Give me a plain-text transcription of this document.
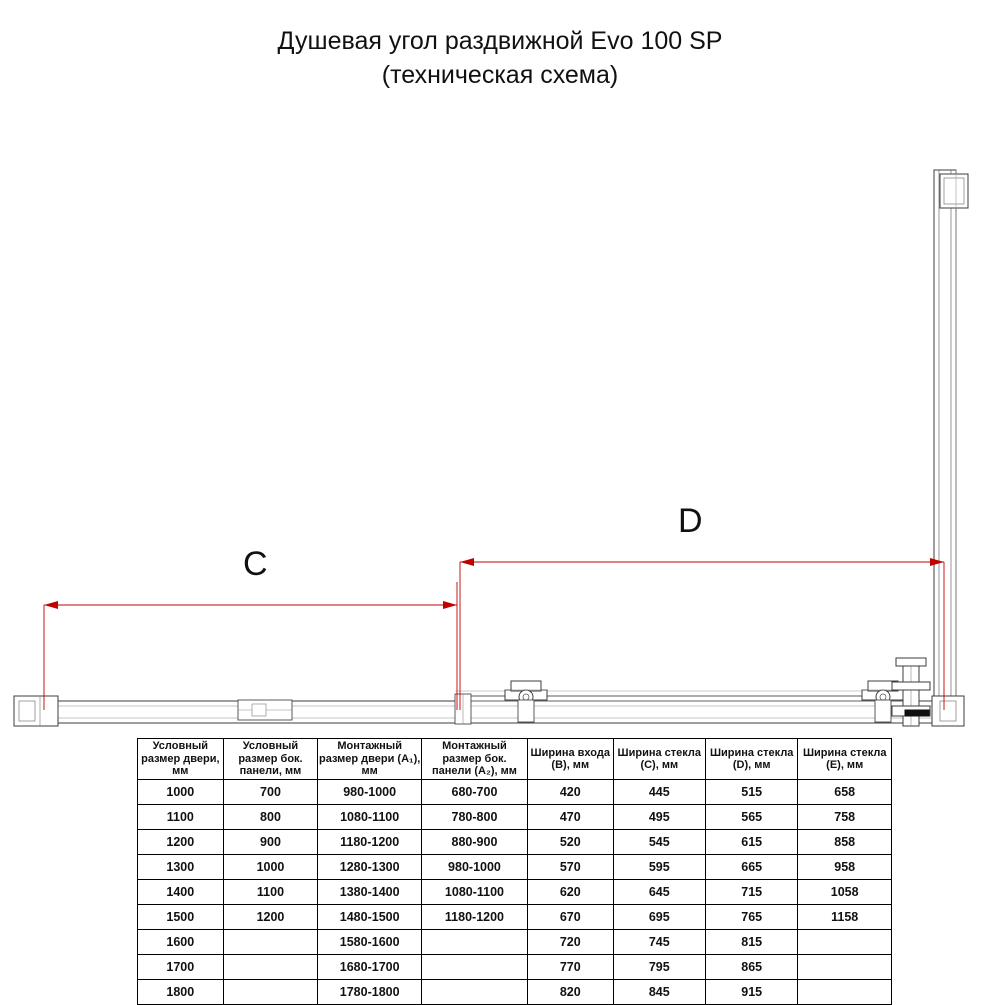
Душевая угол раздвижной Evo 100 SP
(техническая схема)
C
D
Условный размер двери, мм	Условный размер бок. панели, мм	Монтажный размер двери (A₁), мм	Монтажный размер бок. панели (A₂), мм	Ширина входа (B), мм	Ширина стекла (C), мм	Ширина стекла (D), мм	Ширина стекла (E), мм
1000	700	980-1000	680-700	420	445	515	658
1100	800	1080-1100	780-800	470	495	565	758
1200	900	1180-1200	880-900	520	545	615	858
1300	1000	1280-1300	980-1000	570	595	665	958
1400	1100	1380-1400	1080-1100	620	645	715	1058
1500	1200	1480-1500	1180-1200	670	695	765	1158
1600		1580-1600		720	745	815	
1700		1680-1700		770	795	865	
1800		1780-1800		820	845	915	
